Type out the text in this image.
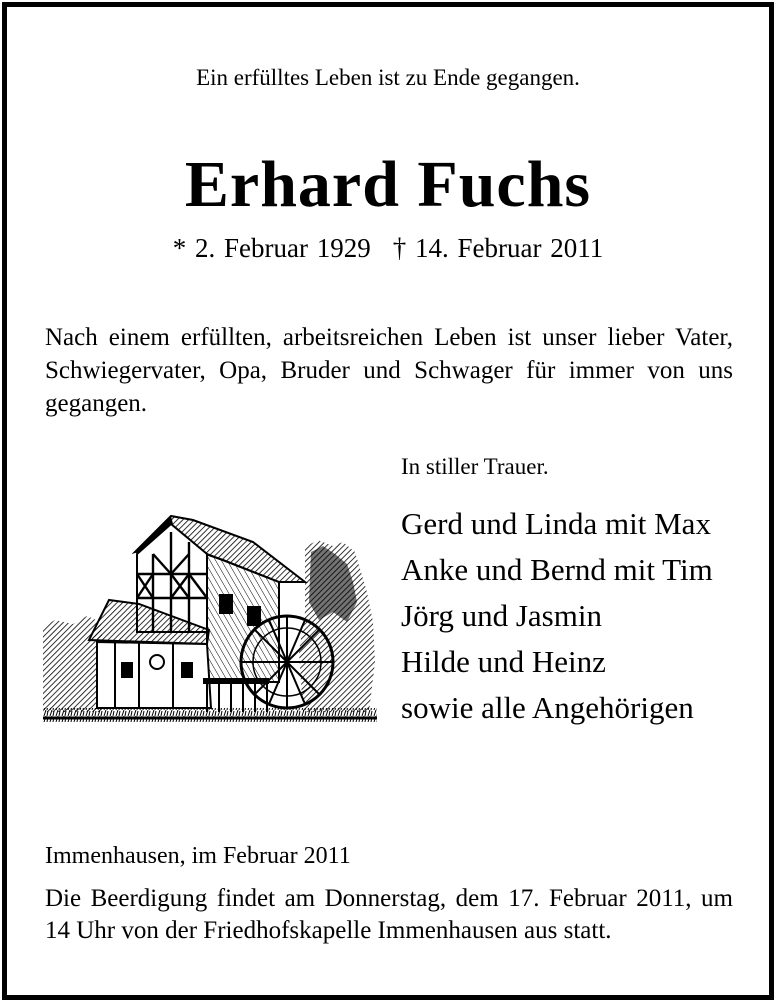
Ein erfülltes Leben ist zu Ende gegangen.
Erhard Fuchs
* 2. Februar 1929 † 14. Februar 2011
Nach einem erfüllten, arbeitsreichen Leben ist unser lieber Vater, Schwiegervater, Opa, Bruder und Schwager für immer von uns gegangen.
In stiller Trauer.
Gerd und Linda mit Max
Anke und Bernd mit Tim
Jörg und Jasmin
Hilde und Heinz
sowie alle Angehörigen
Immenhausen, im Februar 2011
Die Beerdigung findet am Donnerstag, dem 17. Februar 2011, um 14 Uhr von der Friedhofskapelle Immenhausen aus statt.
